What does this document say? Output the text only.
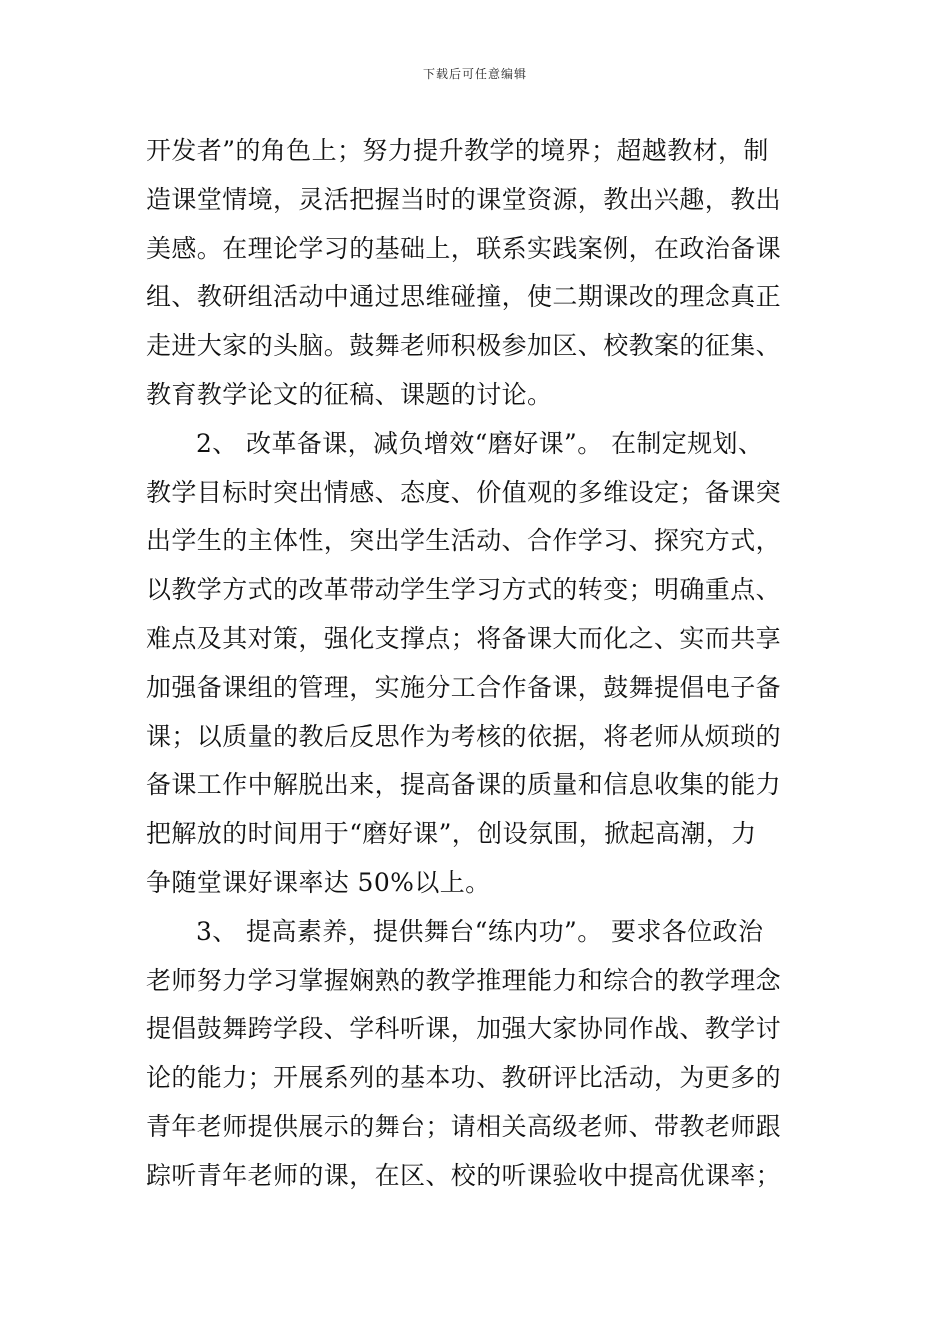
下载后可任意编辑
开发者”的角色上；努力提升教学的境界；超越教材，制
造课堂情境，灵活把握当时的课堂资源，教出兴趣，教出
美感。在理论学习的基础上，联系实践案例，在政治备课
组、教研组活动中通过思维碰撞，使二期课改的理念真正
走进大家的头脑。鼓舞老师积极参加区、校教案的征集、
教育教学论文的征稿、课题的讨论。
2、 改革备课，减负增效“磨好课”。 在制定规划、
教学目标时突出情感、态度、价值观的多维设定；备课突
出学生的主体性，突出学生活动、合作学习、探究方式，
以教学方式的改革带动学生学习方式的转变；明确重点、
难点及其对策，强化支撑点；将备课大而化之、实而共享
加强备课组的管理，实施分工合作备课，鼓舞提倡电子备
课；以质量的教后反思作为考核的依据，将老师从烦琐的
备课工作中解脱出来，提高备课的质量和信息收集的能力
把解放的时间用于“磨好课”，创设氛围，掀起高潮，力
争随堂课好课率达 50%以上。
3、 提高素养，提供舞台“练内功”。 要求各位政治
老师努力学习掌握娴熟的教学推理能力和综合的教学理念
提倡鼓舞跨学段、学科听课，加强大家协同作战、教学讨
论的能力；开展系列的基本功、教研评比活动，为更多的
青年老师提供展示的舞台；请相关高级老师、带教老师跟
踪听青年老师的课，在区、校的听课验收中提高优课率；
